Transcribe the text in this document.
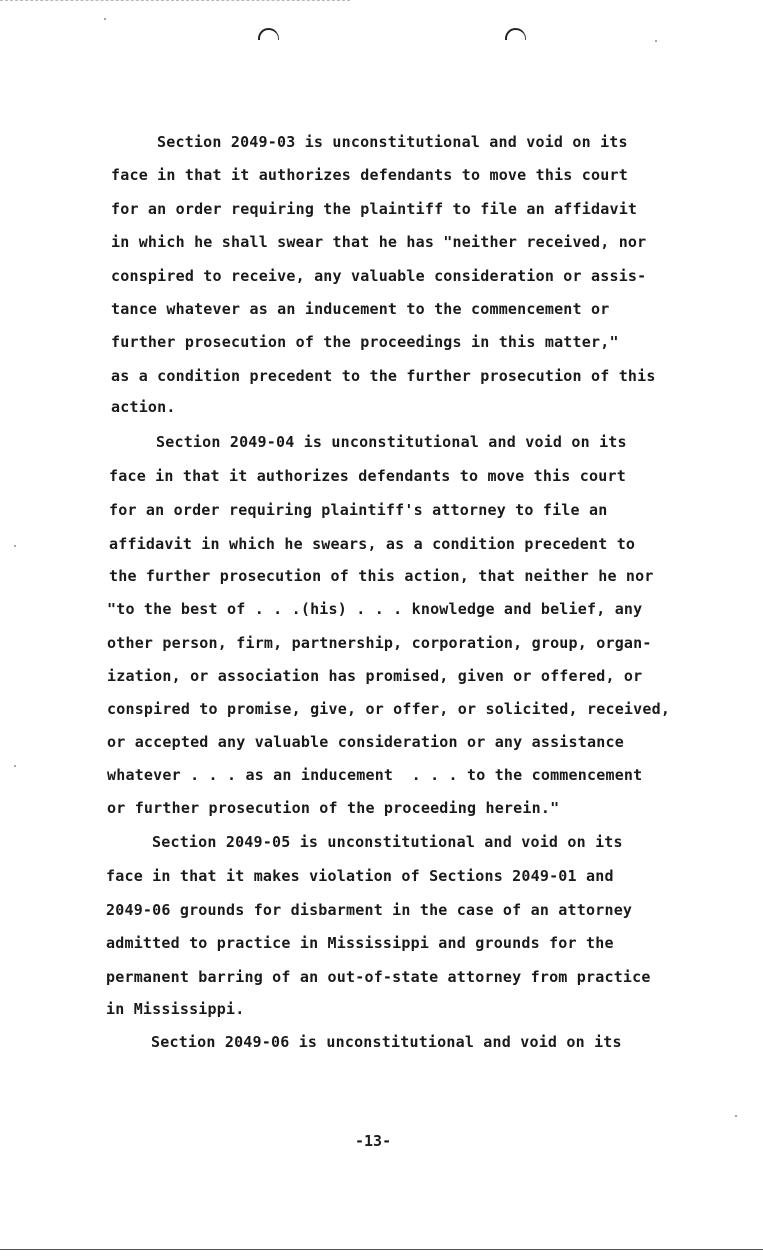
Section 2049-03 is unconstitutional and void on its
face in that it authorizes defendants to move this court
for an order requiring the plaintiff to file an affidavit
in which he shall swear that he has "neither received, nor
conspired to receive, any valuable consideration or assis-
tance whatever as an inducement to the commencement or
further prosecution of the proceedings in this matter,"
as a condition precedent to the further prosecution of this
action.
Section 2049-04 is unconstitutional and void on its
face in that it authorizes defendants to move this court
for an order requiring plaintiff's attorney to file an
affidavit in which he swears, as a condition precedent to
the further prosecution of this action, that neither he nor
"to the best of . . .(his) . . . knowledge and belief, any
other person, firm, partnership, corporation, group, organ-
ization, or association has promised, given or offered, or
conspired to promise, give, or offer, or solicited, received,
or accepted any valuable consideration or any assistance
whatever . . . as an inducement  . . . to the commencement
or further prosecution of the proceeding herein."
Section 2049-05 is unconstitutional and void on its
face in that it makes violation of Sections 2049-01 and
2049-06 grounds for disbarment in the case of an attorney
admitted to practice in Mississippi and grounds for the
permanent barring of an out-of-state attorney from practice
in Mississippi.
Section 2049-06 is unconstitutional and void on its
-13-
